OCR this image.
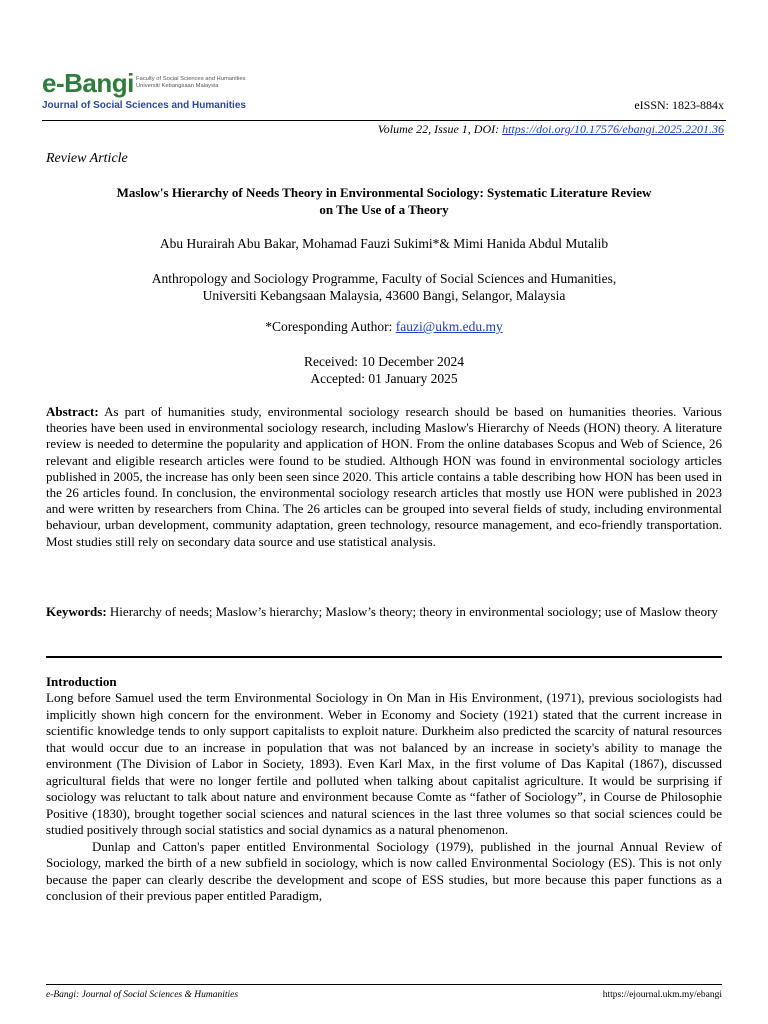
e-Bangi Faculty of Social Sciences and Humanities
Universiti Kebangsaan Malaysia
Journal of Social Sciences and Humanities	eISSN: 1823-884x
Volume 22, Issue 1, DOI: https://doi.org/10.17576/ebangi.2025.2201.36
Review Article
Maslow's Hierarchy of Needs Theory in Environmental Sociology: Systematic Literature Review
on The Use of a Theory
Abu Hurairah Abu Bakar, Mohamad Fauzi Sukimi*& Mimi Hanida Abdul Mutalib
Anthropology and Sociology Programme, Faculty of Social Sciences and Humanities,
Universiti Kebangsaan Malaysia, 43600 Bangi, Selangor, Malaysia
*Coresponding Author: fauzi@ukm.edu.my
Received: 10 December 2024
Accepted: 01 January 2025
Abstract: As part of humanities study, environmental sociology research should be based on humanities theories. Various theories have been used in environmental sociology research, including Maslow's Hierarchy of Needs (HON) theory. A literature review is needed to determine the popularity and application of HON. From the online databases Scopus and Web of Science, 26 relevant and eligible research articles were found to be studied. Although HON was found in environmental sociology articles published in 2005, the increase has only been seen since 2020. This article contains a table describing how HON has been used in the 26 articles found. In conclusion, the environmental sociology research articles that mostly use HON were published in 2023 and were written by researchers from China. The 26 articles can be grouped into several fields of study, including environmental behaviour, urban development, community adaptation, green technology, resource management, and eco-friendly transportation. Most studies still rely on secondary data source and use statistical analysis.
Keywords: Hierarchy of needs; Maslow’s hierarchy; Maslow’s theory; theory in environmental sociology; use of Maslow theory
Introduction

Long before Samuel used the term Environmental Sociology in On Man in His Environment, (1971), previous sociologists had implicitly shown high concern for the environment. Weber in Economy and Society (1921) stated that the current increase in scientific knowledge tends to only support capitalists to exploit nature. Durkheim also predicted the scarcity of natural resources that would occur due to an increase in population that was not balanced by an increase in society's ability to manage the environment (The Division of Labor in Society, 1893). Even Karl Max, in the first volume of Das Kapital (1867), discussed agricultural fields that were no longer fertile and polluted when talking about capitalist agriculture. It would be surprising if sociology was reluctant to talk about nature and environment because Comte as “father of Sociology”, in Course de Philosophie Positive (1830), brought together social sciences and natural sciences in the last three volumes so that social sciences could be studied positively through social statistics and social dynamics as a natural phenomenon.

Dunlap and Catton's paper entitled Environmental Sociology (1979), published in the journal Annual Review of Sociology, marked the birth of a new subfield in sociology, which is now called Environmental Sociology (ES). This is not only because the paper can clearly describe the development and scope of ESS studies, but more because this paper functions as a conclusion of their previous paper entitled Paradigm,

e-Bangi: Journal of Social Sciences & Humanities	https://ejournal.ukm.my/ebangi
